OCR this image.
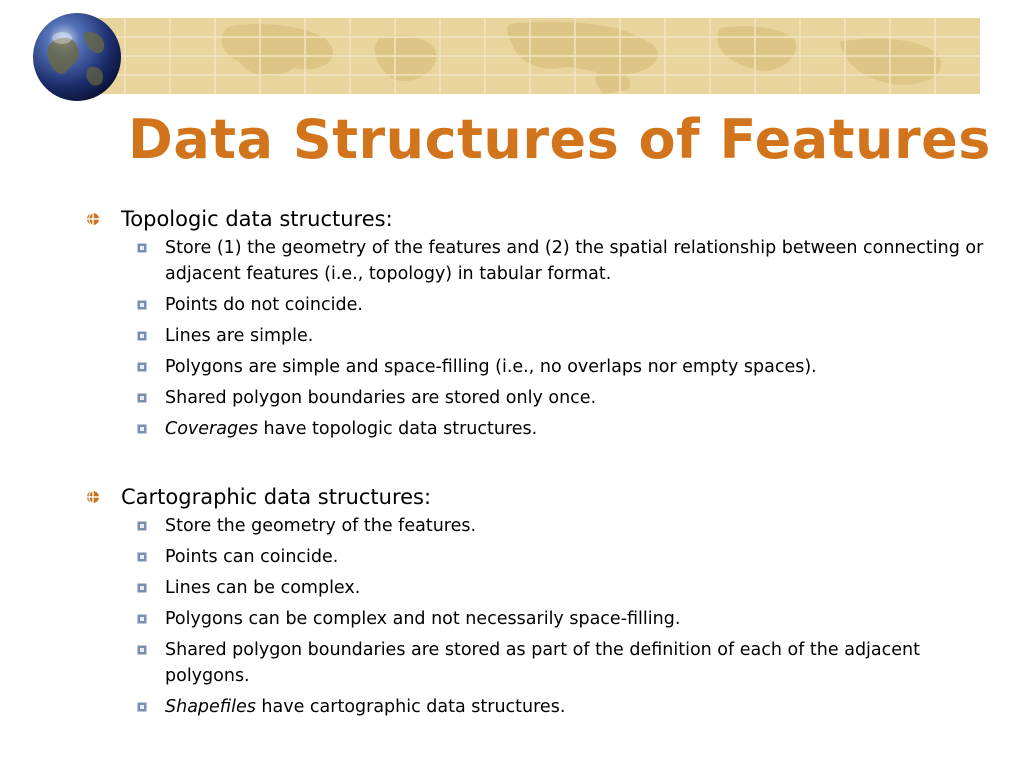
Data Structures of Features
Topologic data structures:
Store (1) the geometry of the features and (2) the spatial relationship between connecting or adjacent features (i.e., topology) in tabular format.
Points do not coincide.
Lines are simple.
Polygons are simple and space-filling (i.e., no overlaps nor empty spaces).
Shared polygon boundaries are stored only once.
Coverages have topologic data structures.
Cartographic data structures:
Store the geometry of the features.
Points can coincide.
Lines can be complex.
Polygons can be complex and not necessarily space-filling.
Shared polygon boundaries are stored as part of the definition of each of the adjacent polygons.
Shapefiles have cartographic data structures.
